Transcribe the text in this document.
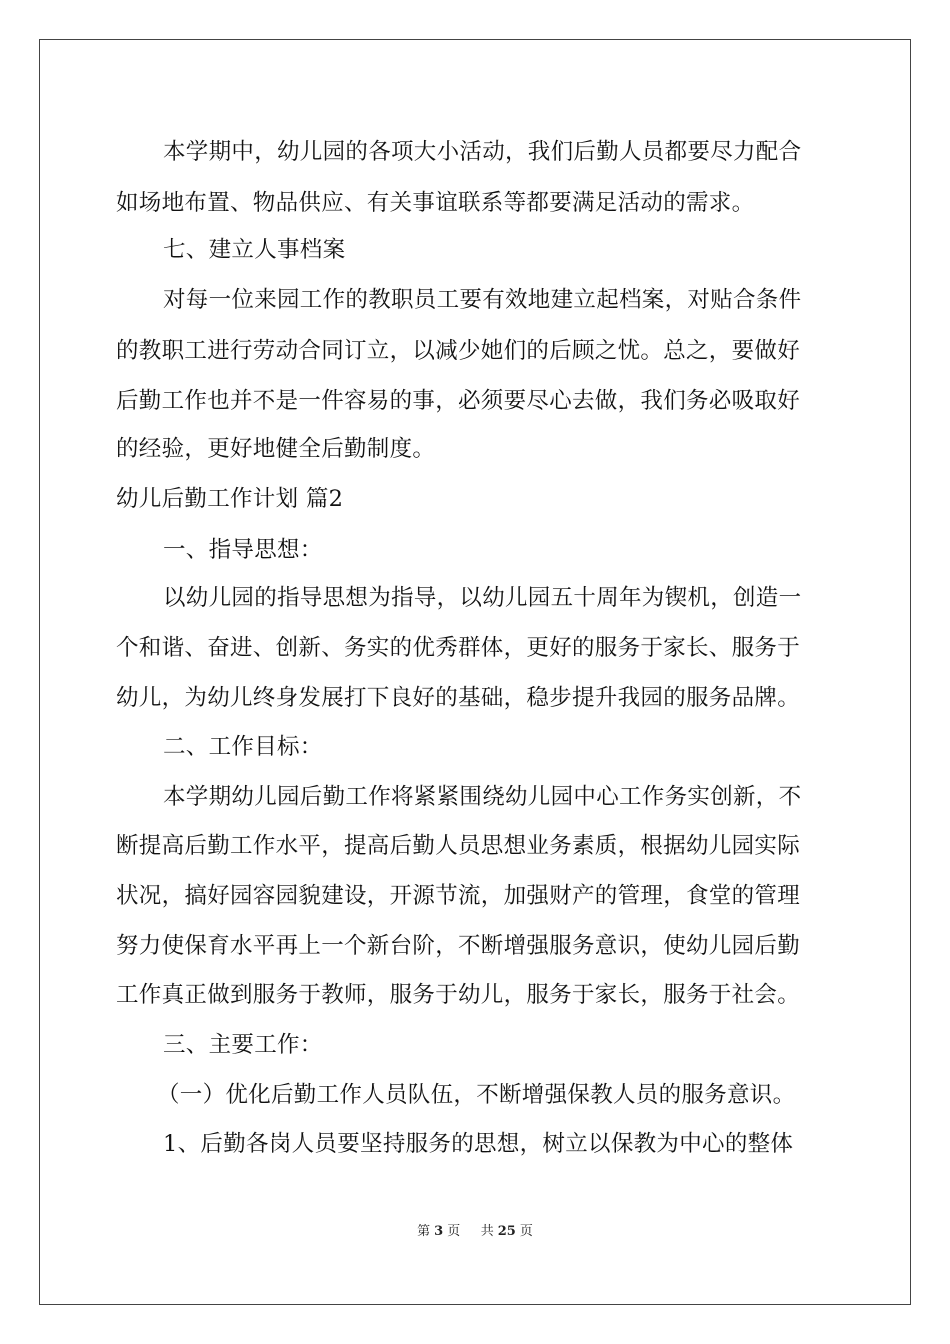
本学期中，幼儿园的各项大小活动，我们后勤人员都要尽力配合
如场地布置、物品供应、有关事谊联系等都要满足活动的需求。
七、建立人事档案
对每一位来园工作的教职员工要有效地建立起档案，对贴合条件
的教职工进行劳动合同订立，以减少她们的后顾之忧。总之，要做好
后勤工作也并不是一件容易的事，必须要尽心去做，我们务必吸取好
的经验，更好地健全后勤制度。
幼儿后勤工作计划 篇2
一、指导思想：
以幼儿园的指导思想为指导，以幼儿园五十周年为锲机，创造一
个和谐、奋进、创新、务实的优秀群体，更好的服务于家长、服务于
幼儿，为幼儿终身发展打下良好的基础，稳步提升我园的服务品牌。
二、工作目标：
本学期幼儿园后勤工作将紧紧围绕幼儿园中心工作务实创新，不
断提高后勤工作水平，提高后勤人员思想业务素质，根据幼儿园实际
状况，搞好园容园貌建设，开源节流，加强财产的管理，食堂的管理
努力使保育水平再上一个新台阶，不断增强服务意识，使幼儿园后勤
工作真正做到服务于教师，服务于幼儿，服务于家长，服务于社会。
三、主要工作：
（一）优化后勤工作人员队伍，不断增强保教人员的服务意识。
1、后勤各岗人员要坚持服务的思想，树立以保教为中心的整体
第 3 页 共 25 页
